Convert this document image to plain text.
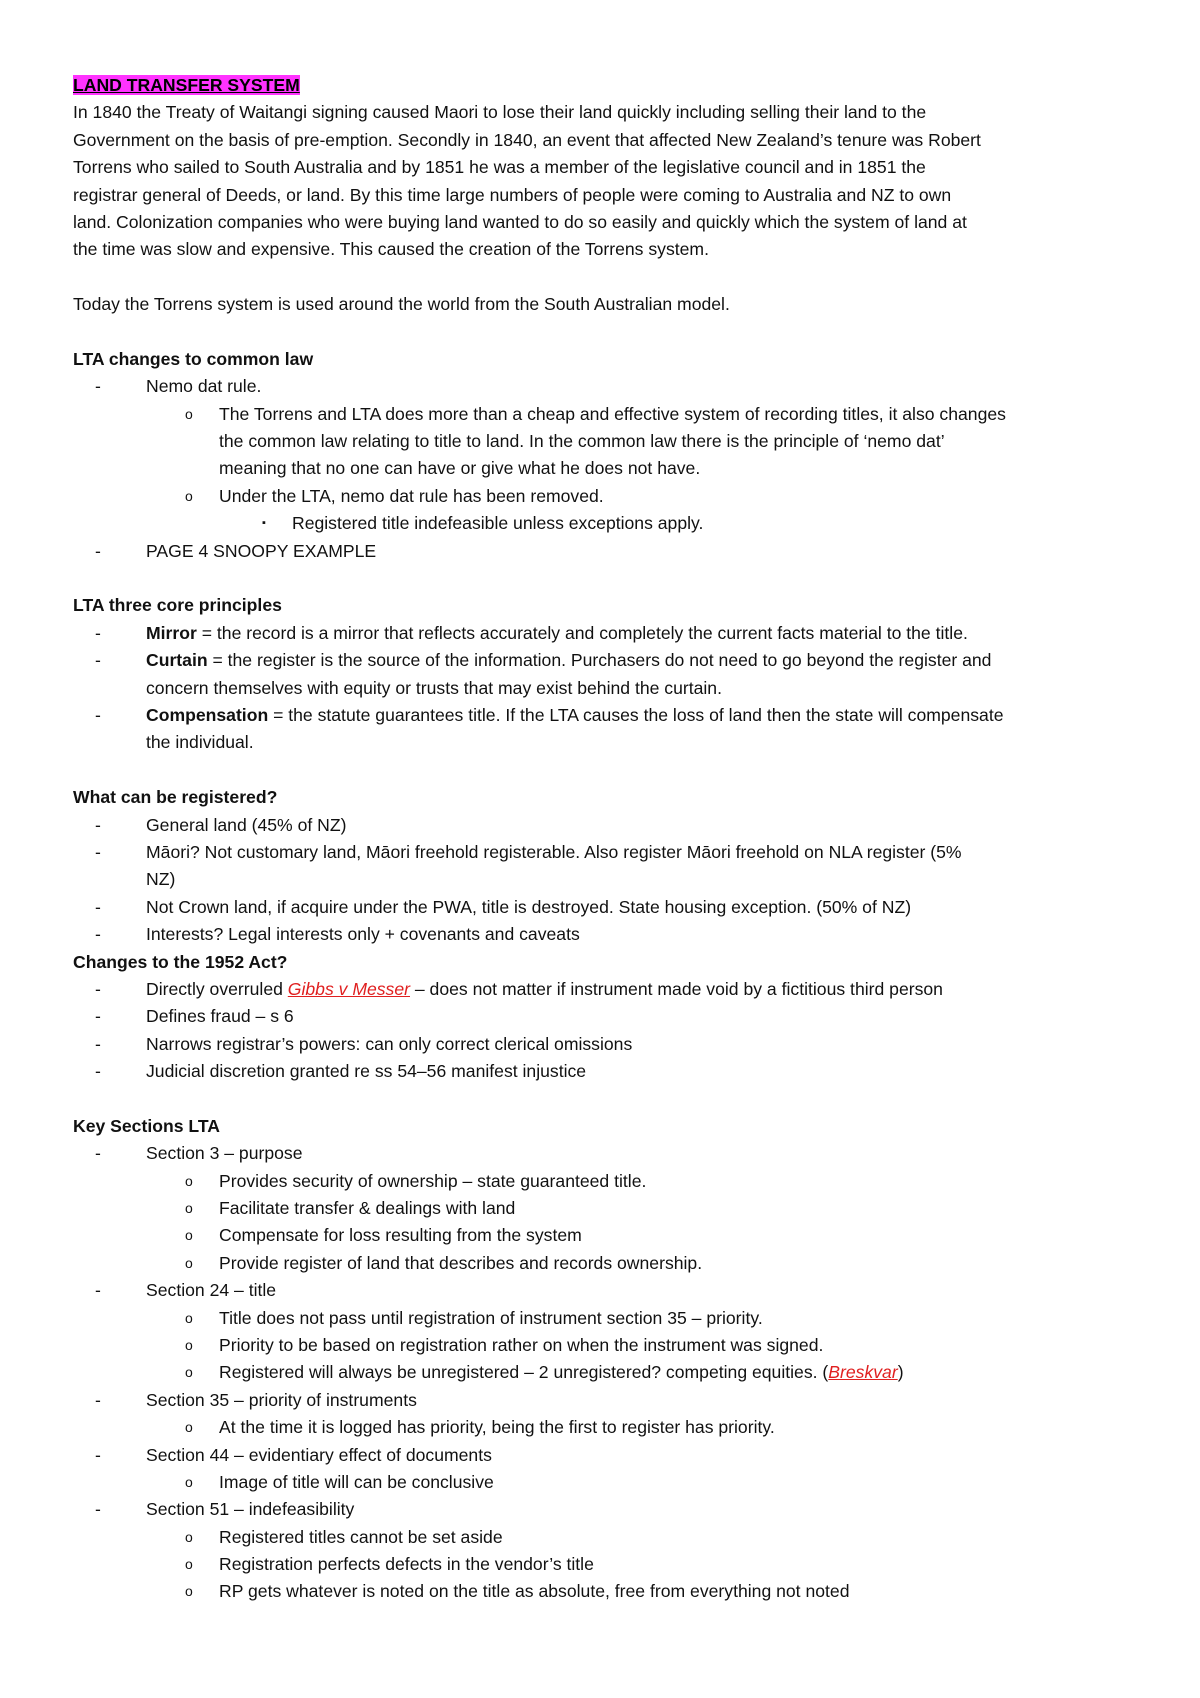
LAND TRANSFER SYSTEM
In 1840 the Treaty of Waitangi signing caused Maori to lose their land quickly including selling their land to the
Government on the basis of pre-emption. Secondly in 1840, an event that affected New Zealand’s tenure was Robert
Torrens who sailed to South Australia and by 1851 he was a member of the legislative council and in 1851 the
registrar general of Deeds, or land. By this time large numbers of people were coming to Australia and NZ to own
land. Colonization companies who were buying land wanted to do so easily and quickly which the system of land at
the time was slow and expensive. This caused the creation of the Torrens system.
Today the Torrens system is used around the world from the South Australian model.
LTA changes to common law
-	Nemo dat rule.
o	The Torrens and LTA does more than a cheap and effective system of recording titles, it also changes
the common law relating to title to land. In the common law there is the principle of ‘nemo dat’
meaning that no one can have or give what he does not have.
o	Under the LTA, nemo dat rule has been removed.
▪	Registered title indefeasible unless exceptions apply.
-	PAGE 4 SNOOPY EXAMPLE
LTA three core principles
-	Mirror = the record is a mirror that reflects accurately and completely the current facts material to the title.
-	Curtain = the register is the source of the information. Purchasers do not need to go beyond the register and
concern themselves with equity or trusts that may exist behind the curtain.
-	Compensation = the statute guarantees title. If the LTA causes the loss of land then the state will compensate
the individual.
What can be registered?
-	General land (45% of NZ)
-	Māori? Not customary land, Māori freehold registerable. Also register Māori freehold on NLA register (5%
NZ)
-	Not Crown land, if acquire under the PWA, title is destroyed. State housing exception. (50% of NZ)
-	Interests? Legal interests only + covenants and caveats
Changes to the 1952 Act?
-	Directly overruled Gibbs v Messer – does not matter if instrument made void by a fictitious third person
-	Defines fraud – s 6
-	Narrows registrar’s powers: can only correct clerical omissions
-	Judicial discretion granted re ss 54–56 manifest injustice
Key Sections LTA
-	Section 3 – purpose
o	Provides security of ownership – state guaranteed title.
o	Facilitate transfer & dealings with land
o	Compensate for loss resulting from the system
o	Provide register of land that describes and records ownership.
-	Section 24 – title
o	Title does not pass until registration of instrument section 35 – priority.
o	Priority to be based on registration rather on when the instrument was signed.
o	Registered will always be unregistered – 2 unregistered? competing equities. (Breskvar)
-	Section 35 – priority of instruments
o	At the time it is logged has priority, being the first to register has priority.
-	Section 44 – evidentiary effect of documents
o	Image of title will can be conclusive
-	Section 51 – indefeasibility
o	Registered titles cannot be set aside
o	Registration perfects defects in the vendor’s title
o	RP gets whatever is noted on the title as absolute, free from everything not noted
